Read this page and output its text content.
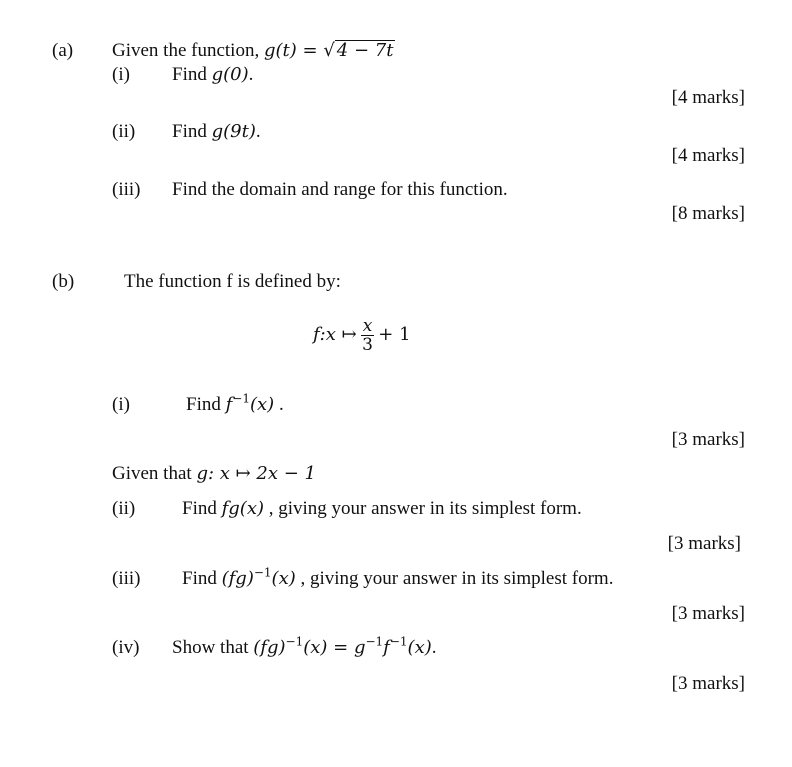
(a) Given the function, g(t) = √ 4 − 7t
(i) Find g(0).
[4 marks]
(ii) Find g(9t).
[4 marks]
(iii) Find the domain and range for this function.
[8 marks]
(b)	The function f is defined by:
f:x ↦ $\frac{x}{3} + 1$
(i)	Find $f^{-1}(x)$ .
[3 marks]
Given that g: x ↦ 2x − 1
(ii) Find fg(x) , giving your answer in its simplest form.
[3 marks]
(iii) Find (fg)$^{-1}$(x) , giving your answer in its simplest form.
[3 marks]
(iv) Show that $(fg)^{-1}(x) = g^{-1}f^{-1}(x)$.
[3 marks]
